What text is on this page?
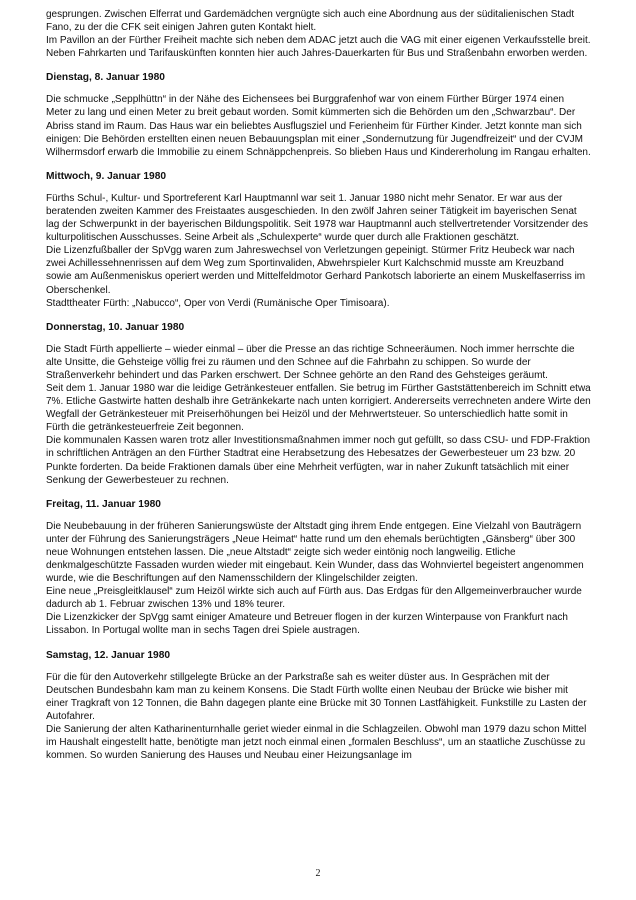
gesprungen. Zwischen Elferrat und Gardemädchen vergnügte sich auch eine Abordnung aus der süditalienischen Stadt Fano, zu der die CFK seit einigen Jahren guten Kontakt hielt.

Im Pavillon an der Fürther Freiheit machte sich neben dem ADAC jetzt auch die VAG mit einer eigenen Verkaufsstelle breit. Neben Fahrkarten und Tarifauskünften konnten hier auch Jahres-Dauerkarten für Bus und Straßenbahn erworben werden.

Dienstag, 8. Januar 1980

Die schmucke „Sepplhüttn“ in der Nähe des Eichensees bei Burggrafenhof war von einem Fürther Bürger 1974 einen Meter zu lang und einen Meter zu breit gebaut worden. Somit kümmerten sich die Behörden um den „Schwarzbau“. Der Abriss stand im Raum. Das Haus war ein beliebtes Ausflugsziel und Ferienheim für Fürther Kinder. Jetzt konnte man sich einigen: Die Behörden erstellten einen neuen Bebauungsplan mit einer „Sondernutzung für Jugendfreizeit“ und der CVJM Wilhermsdorf erwarb die Immobilie zu einem Schnäppchenpreis. So blieben Haus und Kindererholung im Rangau erhalten.

Mittwoch, 9. Januar 1980

Fürths Schul-, Kultur- und Sportreferent Karl Hauptmannl war seit 1. Januar 1980 nicht mehr Senator. Er war aus der beratenden zweiten Kammer des Freistaates ausgeschieden. In den zwölf Jahren seiner Tätigkeit im bayerischen Senat lag der Schwerpunkt in der bayerischen Bildungspolitik. Seit 1978 war Hauptmannl auch stellvertretender Vorsitzender des kulturpolitischen Ausschusses. Seine Arbeit als „Schulexperte“ wurde quer durch alle Fraktionen geschätzt.

Die Lizenzfußballer der SpVgg waren zum Jahreswechsel von Verletzungen gepeinigt. Stürmer Fritz Heubeck war nach zwei Achillessehnenrissen auf dem Weg zum Sportinvaliden, Abwehrspieler Kurt Kalchschmid musste am Kreuzband sowie am Außenmeniskus operiert werden und Mittelfeldmotor Gerhard Pankotsch laborierte an einem Muskelfaserriss im Oberschenkel.

Stadttheater Fürth: „Nabucco“, Oper von Verdi (Rumänische Oper Timisoara).

Donnerstag, 10. Januar 1980

Die Stadt Fürth appellierte – wieder einmal – über die Presse an das richtige Schneeräumen. Noch immer herrschte die alte Unsitte, die Gehsteige völlig frei zu räumen und den Schnee auf die Fahrbahn zu schippen. So wurde der Straßenverkehr behindert und das Parken erschwert. Der Schnee gehörte an den Rand des Gehsteiges geräumt.

Seit dem 1. Januar 1980 war die leidige Getränkesteuer entfallen. Sie betrug im Fürther Gaststättenbereich im Schnitt etwa 7%. Etliche Gastwirte hatten deshalb ihre Getränkekarte nach unten korrigiert. Andererseits verrechneten andere Wirte den Wegfall der Getränkesteuer mit Preiserhöhungen bei Heizöl und der Mehrwertsteuer. So unterschiedlich hatte somit in Fürth die getränkesteuerfreie Zeit begonnen.

Die kommunalen Kassen waren trotz aller Investitionsmaßnahmen immer noch gut gefüllt, so dass CSU- und FDP-Fraktion in schriftlichen Anträgen an den Fürther Stadtrat eine Herabsetzung des Hebesatzes der Gewerbesteuer um 23 bzw. 20 Punkte forderten. Da beide Fraktionen damals über eine Mehrheit verfügten, war in naher Zukunft tatsächlich mit einer Senkung der Gewerbesteuer zu rechnen.

Freitag, 11. Januar 1980

Die Neubebauung in der früheren Sanierungswüste der Altstadt ging ihrem Ende entgegen. Eine Vielzahl von Bauträgern unter der Führung des Sanierungsträgers „Neue Heimat“ hatte rund um den ehemals berüchtigten „Gänsberg“ über 300 neue Wohnungen entstehen lassen. Die „neue Altstadt“ zeigte sich weder eintönig noch langweilig. Etliche denkmalgeschützte Fassaden wurden wieder mit eingebaut. Kein Wunder, dass das Wohnviertel begeistert angenommen wurde, wie die Beschriftungen auf den Namensschildern der Klingelschilder zeigten.

Eine neue „Preisgleitklausel“ zum Heizöl wirkte sich auch auf Fürth aus. Das Erdgas für den Allgemeinverbraucher wurde dadurch ab 1. Februar zwischen 13% und 18% teurer.

Die Lizenzkicker der SpVgg samt einiger Amateure und Betreuer flogen in der kurzen Winterpause von Frankfurt nach Lissabon. In Portugal wollte man in sechs Tagen drei Spiele austragen.

Samstag, 12. Januar 1980

Für die für den Autoverkehr stillgelegte Brücke an der Parkstraße sah es weiter düster aus. In Gesprächen mit der Deutschen Bundesbahn kam man zu keinem Konsens. Die Stadt Fürth wollte einen Neubau der Brücke wie bisher mit einer Tragkraft von 12 Tonnen, die Bahn dagegen plante eine Brücke mit 30 Tonnen Lastfähigkeit. Funkstille zu Lasten der Autofahrer.

Die Sanierung der alten Katharinenturnhalle geriet wieder einmal in die Schlagzeilen. Obwohl man 1979 dazu schon Mittel im Haushalt eingestellt hatte, benötigte man jetzt noch einmal einen „formalen Beschluss“, um an staatliche Zuschüsse zu kommen. So wurden Sanierung des Hauses und Neubau einer Heizungsanlage im

2
